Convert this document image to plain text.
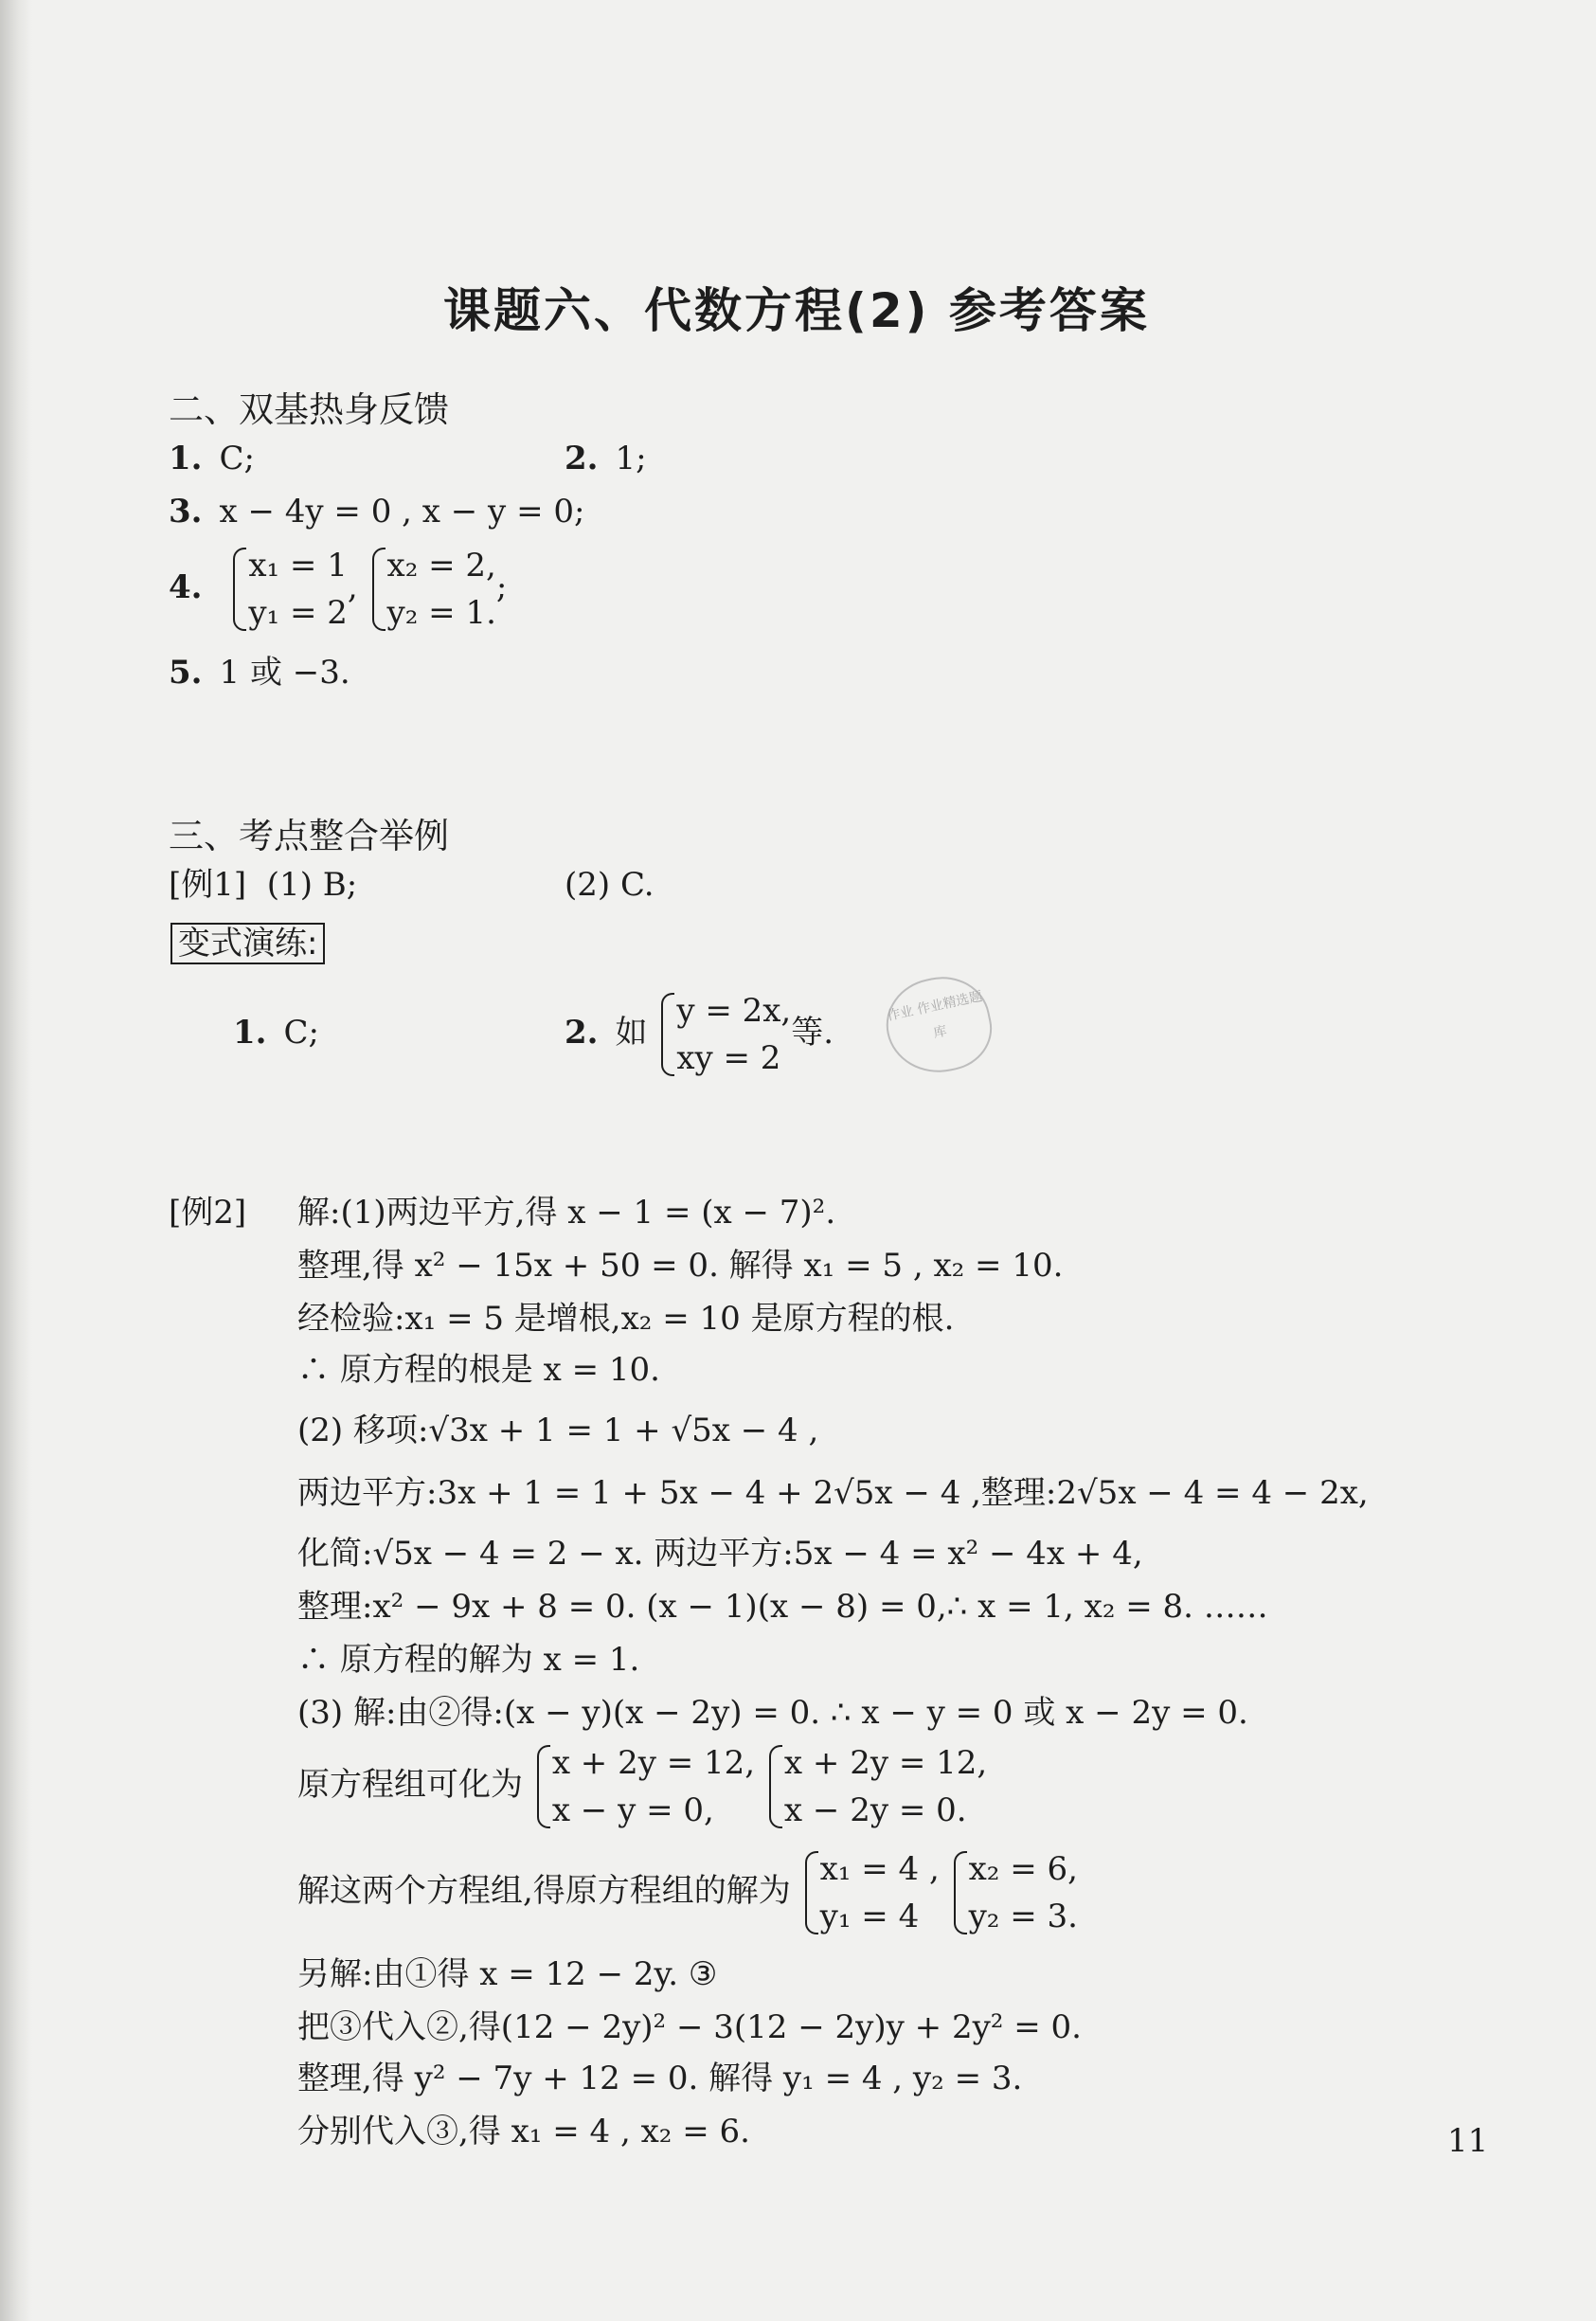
课题六、代数方程(2) 参考答案
二、双基热身反馈
1. C;	2. 1;
3. x − 4y = 0 , x − y = 0;
4.
x₁ = 1
y₁ = 2
,
x₂ = 2,
y₂ = 1.
;
5. 1 或 −3.
三、考点整合举例
[例1] (1) B;	(2) C.
变式演练:
1. C;	2. 如
y = 2x,
xy = 2
等.
作业 作业精选题库
[例2] 解:(1)两边平方,得 x − 1 = (x − 7)².
整理,得 x² − 15x + 50 = 0. 解得 x₁ = 5 , x₂ = 10.
经检验:x₁ = 5 是增根,x₂ = 10 是原方程的根.
∴ 原方程的根是 x = 10.
(2) 移项:√3x + 1 = 1 + √5x − 4 ,
两边平方:3x + 1 = 1 + 5x − 4 + 2√5x − 4 ,整理:2√5x − 4 = 4 − 2x,
化简:√5x − 4 = 2 − x. 两边平方:5x − 4 = x² − 4x + 4,
整理:x² − 9x + 8 = 0. (x − 1)(x − 8) = 0,∴ x = 1, x₂ = 8. ……
∴ 原方程的解为 x = 1.
(3) 解:由②得:(x − y)(x − 2y) = 0. ∴ x − y = 0 或 x − 2y = 0.
原方程组可化为
x + 2y = 12,
x − y = 0,

x + 2y = 12,
x − 2y = 0.
解这两个方程组,得原方程组的解为
x₁ = 4 ,
y₁ = 4

x₂ = 6,
y₂ = 3.
另解:由①得 x = 12 − 2y. ③
把③代入②,得(12 − 2y)² − 3(12 − 2y)y + 2y² = 0.
整理,得 y² − 7y + 12 = 0. 解得 y₁ = 4 , y₂ = 3.
分别代入③,得 x₁ = 4 , x₂ = 6.	11
